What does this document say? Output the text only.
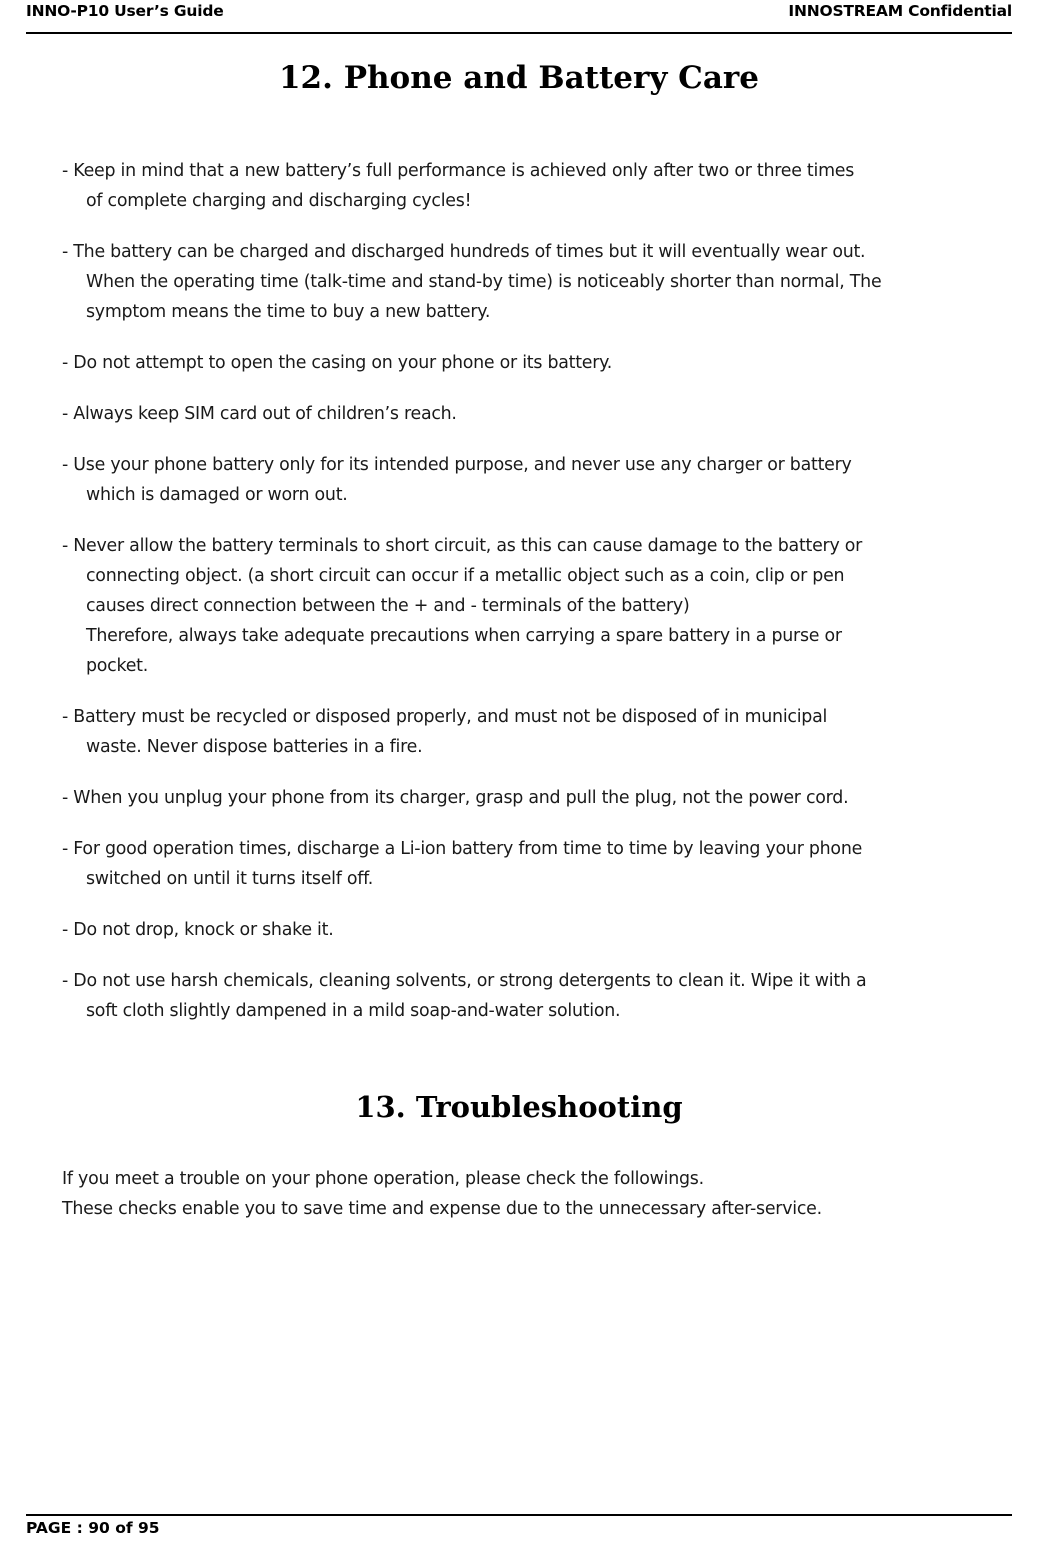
INNO-P10 User’s Guide	INNOSTREAM Confidential
12. Phone and Battery Care
- Keep in mind that a new battery’s full performance is achieved only after two or three times
of complete charging and discharging cycles!
- The battery can be charged and discharged hundreds of times but it will eventually wear out.
When the operating time (talk-time and stand-by time) is noticeably shorter than normal, The
symptom means the time to buy a new battery.
- Do not attempt to open the casing on your phone or its battery.
- Always keep SIM card out of children’s reach.
- Use your phone battery only for its intended purpose, and never use any charger or battery
which is damaged or worn out.
- Never allow the battery terminals to short circuit, as this can cause damage to the battery or
connecting object. (a short circuit can occur if a metallic object such as a coin, clip or pen
causes direct connection between the + and - terminals of the battery)
Therefore, always take adequate precautions when carrying a spare battery in a purse or
pocket.
- Battery must be recycled or disposed properly, and must not be disposed of in municipal
waste. Never dispose batteries in a fire.
- When you unplug your phone from its charger, grasp and pull the plug, not the power cord.
- For good operation times, discharge a Li-ion battery from time to time by leaving your phone
switched on until it turns itself off.
- Do not drop, knock or shake it.
- Do not use harsh chemicals, cleaning solvents, or strong detergents to clean it. Wipe it with a
soft cloth slightly dampened in a mild soap-and-water solution.
13. Troubleshooting
If you meet a trouble on your phone operation, please check the followings.
These checks enable you to save time and expense due to the unnecessary after-service.
PAGE : 90 of 95
